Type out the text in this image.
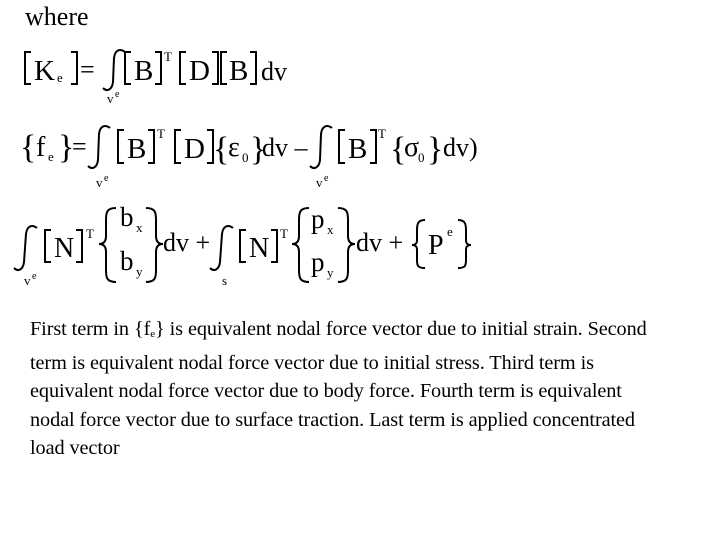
where
K e =
v e
B T D B dv
{ f e }
=
v e
B T D {
ε 0 }
dv –
v e
B T {
σ
0 } dv)
v e
N T
b x
b y
dv +
s
N T p x
p y
dv + P e
First term in $\{f_e\}$ is equivalent nodal force vector due to initial strain. Second term is equivalent nodal force vector due to initial stress. Third term is equivalent nodal force vector due to body force. Fourth term is equivalent nodal force vector due to surface traction. Last term is applied concentrated load vector
